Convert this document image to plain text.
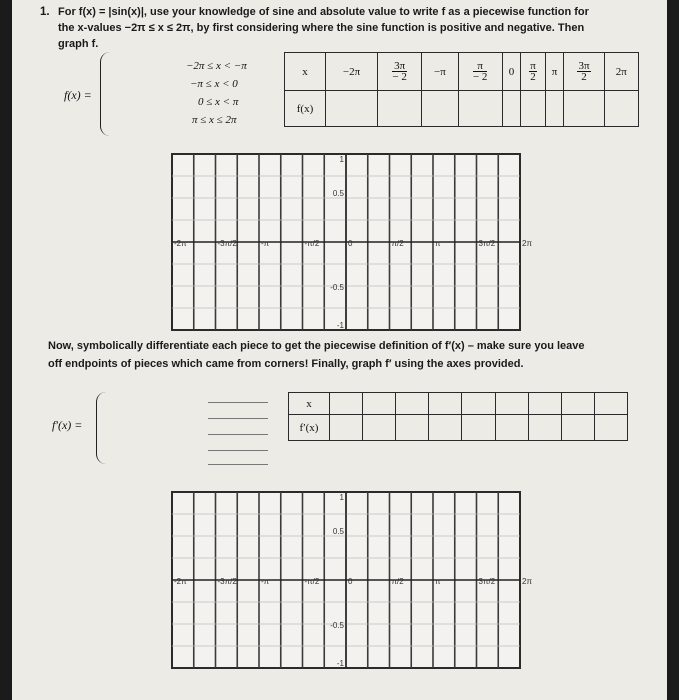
1. For f(x) = |sin(x)|, use your knowledge of sine and absolute value to write f as a piecewise function for
the x-values −2π ≤ x ≤ 2π, by first considering where the sine function is positive and negative. Then
graph f.
f(x) =
−2π ≤ x < −π
−π ≤ x < 0
0 ≤ x < π
π ≤ x ≤ 2π
x	−2π	$\frac{3\pi}{- 2}$	−π	$\frac{\pi}{- 2}$	0	$\frac{\pi}{2}$	π	$\frac{3\pi}{2}$	2π
f(x)									
-2π	-3π/2	-π	-π/2	0	π/2	π	3π/2	2π
1
0.5
-0.5
-1
Now, symbolically differentiate each piece to get the piecewise definition of f′(x) – make sure you leave
off endpoints of pieces which came from corners! Finally, graph f′ using the axes provided.
f′(x) =
x									
f′(x)									
-2π	-3π/2	-π	-π/2	0	π/2	π	3π/2	2π
1
0.5
-0.5
-1
